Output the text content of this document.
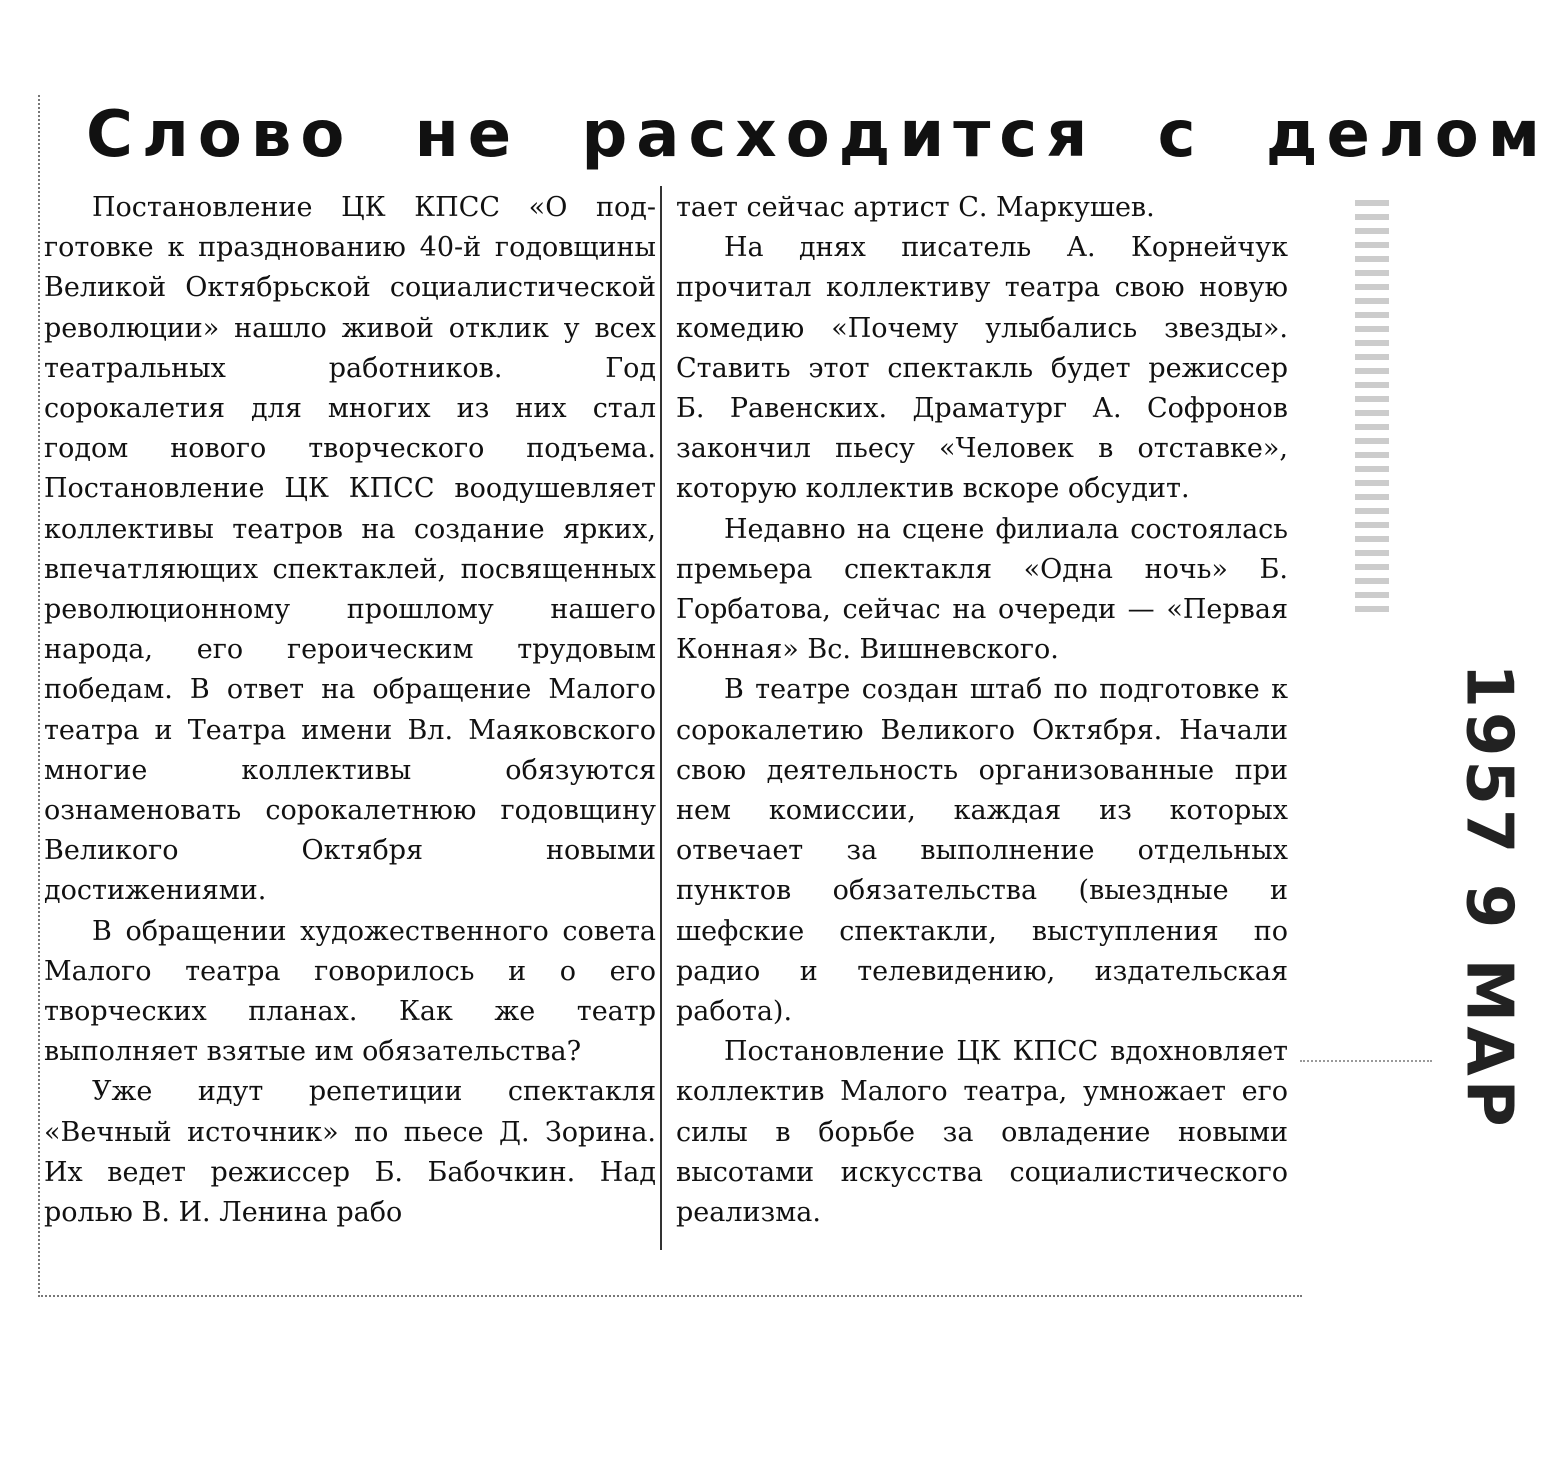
Слово не расходится с делом

Постановление ЦК КПСС «О подготовке к празднованию 40-й годовщины Великой Октябрьской социалистической революции» нашло живой отклик у всех театральных работников. Год сорокалетия для многих из них стал годом нового творческого подъема. Постановление ЦК КПСС воодушевляет коллективы театров на создание ярких, впечатляющих спектаклей, посвященных революционному прошлому нашего народа, его героическим трудовым победам. В ответ на обращение Малого театра и Театра имени Вл. Маяковского многие коллективы обязуются ознаменовать сорокалетнюю годовщину Великого Октября новыми достижениями.

В обращении художественного совета Малого театра говорилось и о его творческих планах. Как же театр выполняет взятые им обязательства?

Уже идут репетиции спектакля «Вечный источник» по пьесе Д. Зорина. Их ведет режиссер Б. Бабочкин. Над ролью В. И. Ленина рабо

тает сейчас артист С. Маркушев.

На днях писатель А. Корнейчук прочитал коллективу театра свою новую комедию «Почему улыбались звезды». Ставить этот спектакль будет режиссер Б. Равенских. Драматург А. Софронов закончил пьесу «Человек в отставке», которую коллектив вскоре обсудит.

Недавно на сцене филиала состоялась премьера спектакля «Одна ночь» Б. Горбатова, сейчас на очереди — «Первая Конная» Вс. Вишневского.

В театре создан штаб по подготовке к сорокалетию Великого Октября. Начали свою деятельность организованные при нем комиссии, каждая из которых отвечает за выполнение отдельных пунктов обязательства (выездные и шефские спектакли, выступления по радио и телевидению, издательская работа).

Постановление ЦК КПСС вдохновляет коллектив Малого театра, умножает его силы в борьбе за овладение новыми высотами искусства социалистического реализма.

1957 9 MAP
